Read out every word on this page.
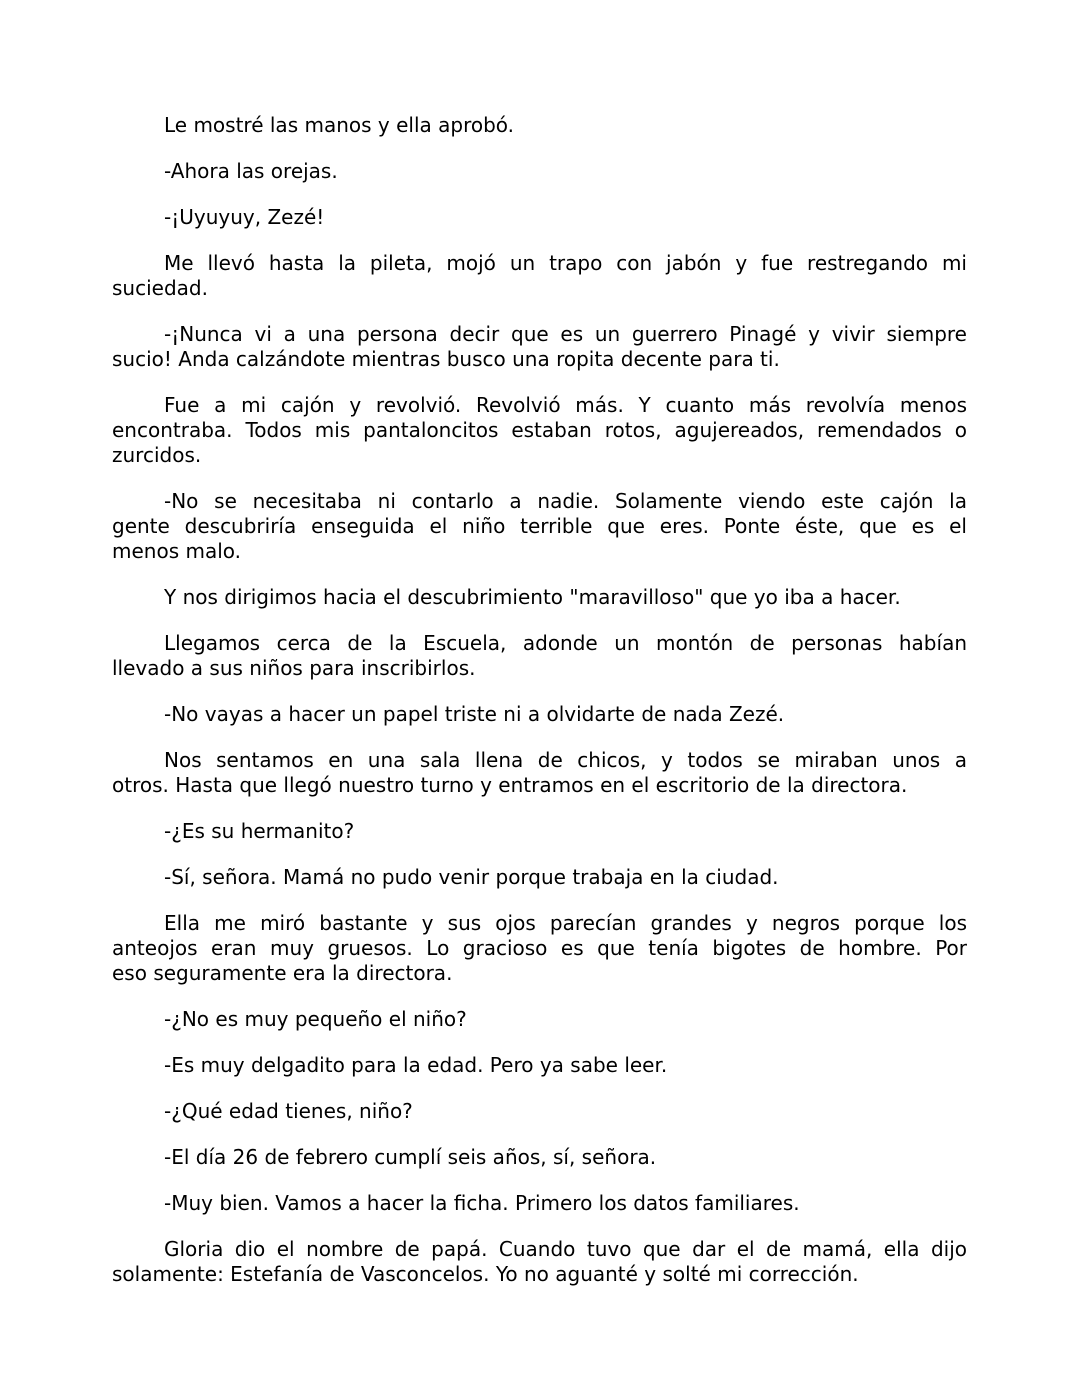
Le mostré las manos y ella aprobó.
-Ahora las orejas.
-¡Uyuyuy, Zezé!
Me llevó hasta la pileta, mojó un trapo con jabón y fue restregando mi
suciedad.
-¡Nunca vi a una persona decir que es un guerrero Pinagé y vivir siempre
sucio! Anda calzándote mientras busco una ropita decente para ti.
Fue a mi cajón y revolvió. Revolvió más. Y cuanto más revolvía menos
encontraba. Todos mis pantaloncitos estaban rotos, agujereados, remendados o
zurcidos.
-No se necesitaba ni contarlo a nadie. Solamente viendo este cajón la
gente descubriría enseguida el niño terrible que eres. Ponte éste, que es el
menos malo.
Y nos dirigimos hacia el descubrimiento "maravilloso" que yo iba a hacer.
Llegamos cerca de la Escuela, adonde un montón de personas habían
llevado a sus niños para inscribirlos.
-No vayas a hacer un papel triste ni a olvidarte de nada Zezé.
Nos sentamos en una sala llena de chicos, y todos se miraban unos a
otros. Hasta que llegó nuestro turno y entramos en el escritorio de la directora.
-¿Es su hermanito?
-Sí, señora. Mamá no pudo venir porque trabaja en la ciudad.
Ella me miró bastante y sus ojos parecían grandes y negros porque los
anteojos eran muy gruesos. Lo gracioso es que tenía bigotes de hombre. Por
eso seguramente era la directora.
-¿No es muy pequeño el niño?
-Es muy delgadito para la edad. Pero ya sabe leer.
-¿Qué edad tienes, niño?
-El día 26 de febrero cumplí seis años, sí, señora.
-Muy bien. Vamos a hacer la ficha. Primero los datos familiares.
Gloria dio el nombre de papá. Cuando tuvo que dar el de mamá, ella dijo
solamente: Estefanía de Vasconcelos. Yo no aguanté y solté mi corrección.
